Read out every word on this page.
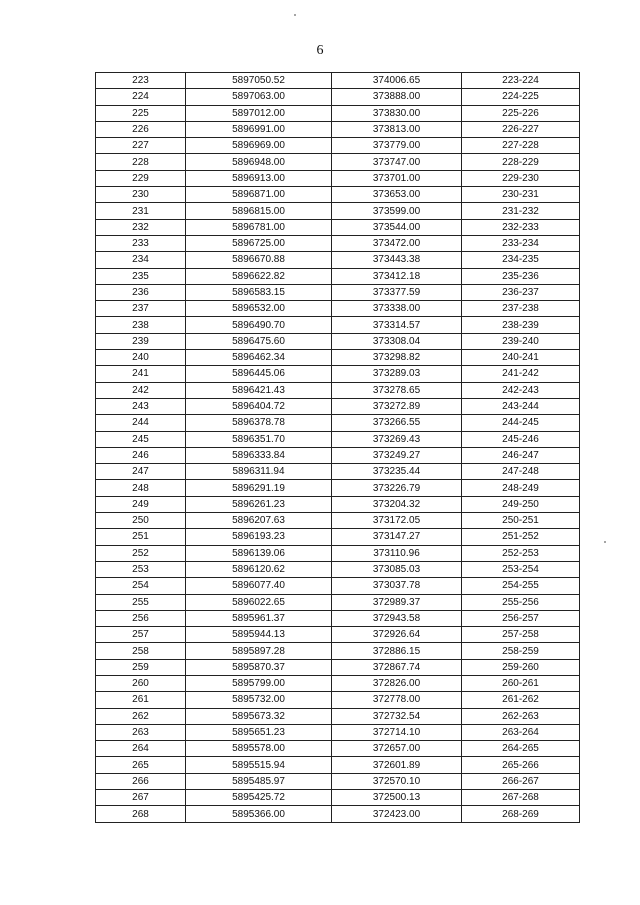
6
223	5897050.52	374006.65	223-224
224	5897063.00	373888.00	224-225
225	5897012.00	373830.00	225-226
226	5896991.00	373813.00	226-227
227	5896969.00	373779.00	227-228
228	5896948.00	373747.00	228-229
229	5896913.00	373701.00	229-230
230	5896871.00	373653.00	230-231
231	5896815.00	373599.00	231-232
232	5896781.00	373544.00	232-233
233	5896725.00	373472.00	233-234
234	5896670.88	373443.38	234-235
235	5896622.82	373412.18	235-236
236	5896583.15	373377.59	236-237
237	5896532.00	373338.00	237-238
238	5896490.70	373314.57	238-239
239	5896475.60	373308.04	239-240
240	5896462.34	373298.82	240-241
241	5896445.06	373289.03	241-242
242	5896421.43	373278.65	242-243
243	5896404.72	373272.89	243-244
244	5896378.78	373266.55	244-245
245	5896351.70	373269.43	245-246
246	5896333.84	373249.27	246-247
247	5896311.94	373235.44	247-248
248	5896291.19	373226.79	248-249
249	5896261.23	373204.32	249-250
250	5896207.63	373172.05	250-251
251	5896193.23	373147.27	251-252
252	5896139.06	373110.96	252-253
253	5896120.62	373085.03	253-254
254	5896077.40	373037.78	254-255
255	5896022.65	372989.37	255-256
256	5895961.37	372943.58	256-257
257	5895944.13	372926.64	257-258
258	5895897.28	372886.15	258-259
259	5895870.37	372867.74	259-260
260	5895799.00	372826.00	260-261
261	5895732.00	372778.00	261-262
262	5895673.32	372732.54	262-263
263	5895651.23	372714.10	263-264
264	5895578.00	372657.00	264-265
265	5895515.94	372601.89	265-266
266	5895485.97	372570.10	266-267
267	5895425.72	372500.13	267-268
268	5895366.00	372423.00	268-269
